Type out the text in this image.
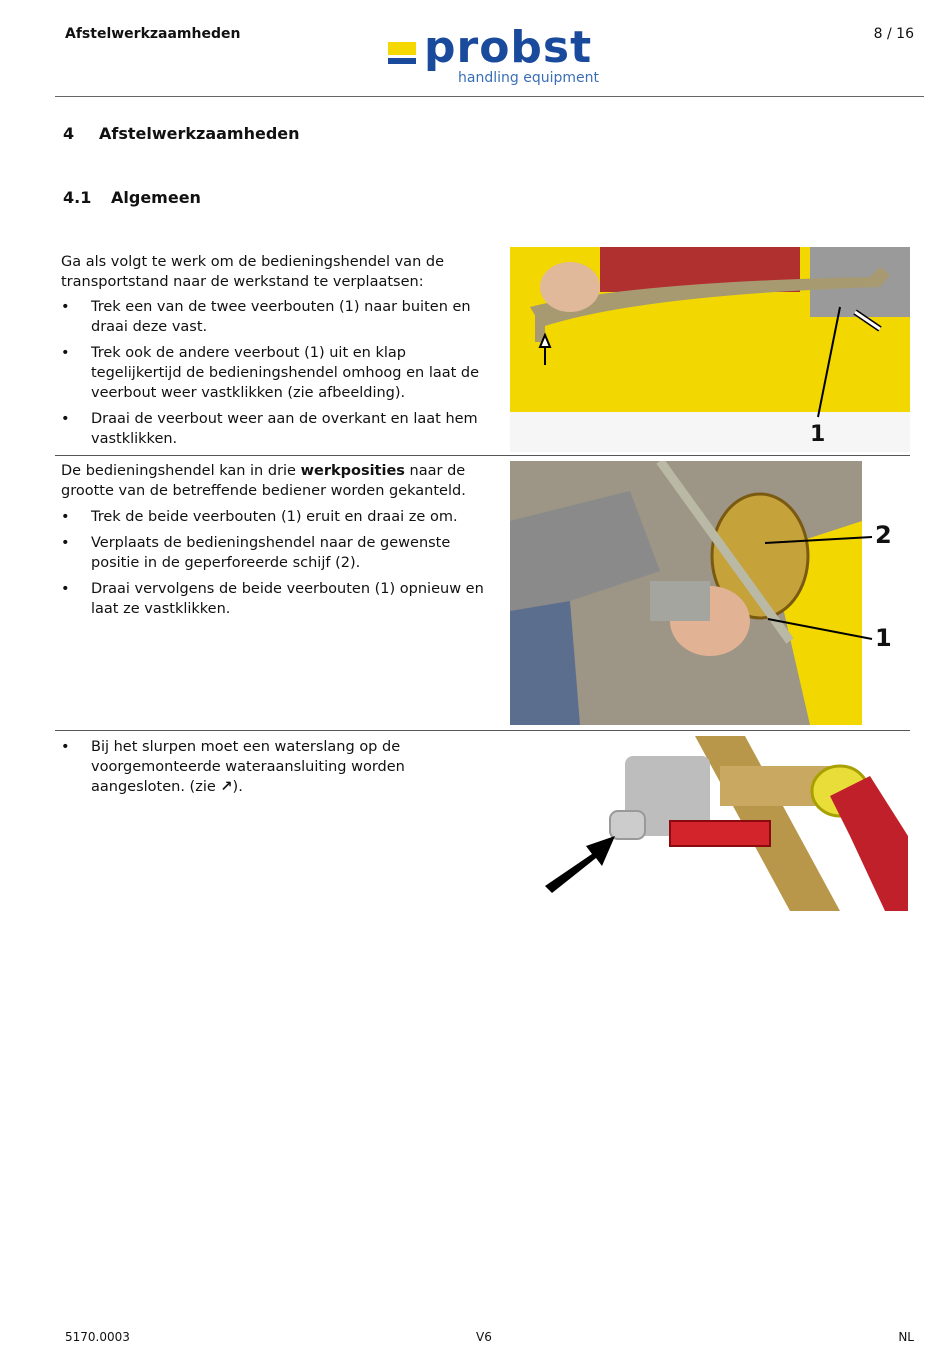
Afstelwerkzaamheden	8 / 16
probst
handling equipment
4 Afstelwerkzaamheden
4.1 Algemeen
Ga als volgt te werk om de bedieningshendel van de transportstand naar de werkstand te verplaatsen:
• Trek een van de twee veerbouten (1) naar buiten en draai deze vast.
• Trek ook de andere veerbout (1) uit en klap tegelijkertijd de bedieningshendel omhoog en laat de veerbout weer vastklikken (zie afbeelding).
• Draai de veerbout weer aan de overkant en laat hem vastklikken.	1
De bedieningshendel kan in drie werkposities naar de grootte van de betreffende bediener worden gekanteld.
• Trek de beide veerbouten (1) eruit en draai ze om.
• Verplaats de bedieningshendel naar de gewenste positie in de geperforeerde schijf (2).
• Draai vervolgens de beide veerbouten (1) opnieuw en laat ze vastklikken.
2
1
• Bij het slurpen moet een waterslang op de voorgemonteerde wateraansluiting worden aangesloten. (zie ↗).
5170.0003	V6	NL
